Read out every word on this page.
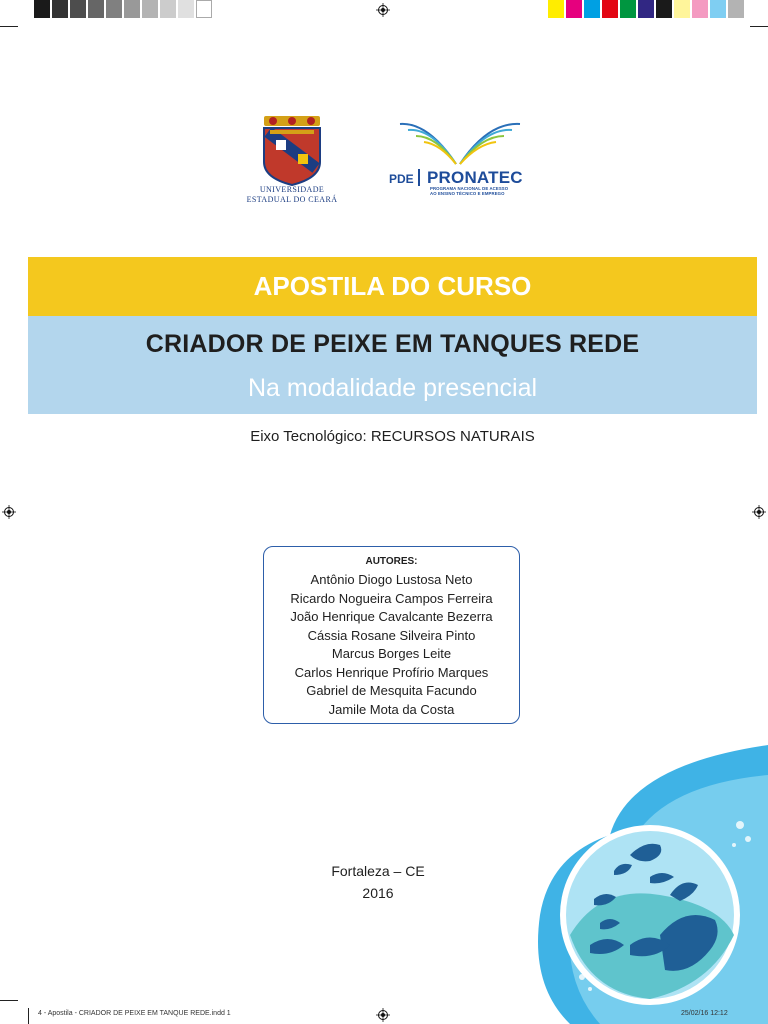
UNIVERSIDADE
ESTADUAL DO CEARÁ
PDE PRONATEC
PROGRAMA NACIONAL DE ACESSO
AO ENSINO TÉCNICO E EMPREGO
APOSTILA DO CURSO
CRIADOR DE PEIXE EM TANQUES REDE
Na modalidade presencial
Eixo Tecnológico: RECURSOS NATURAIS
AUTORES:
Antônio Diogo Lustosa Neto
Ricardo Nogueira Campos Ferreira
João Henrique Cavalcante Bezerra
Cássia Rosane Silveira Pinto
Marcus Borges Leite
Carlos Henrique Profírio Marques
Gabriel de Mesquita Facundo
Jamile Mota da Costa
Fortaleza – CE
2016
4 - Apostila - CRIADOR DE PEIXE EM TANQUE REDE.indd 1	25/02/16 12:12
